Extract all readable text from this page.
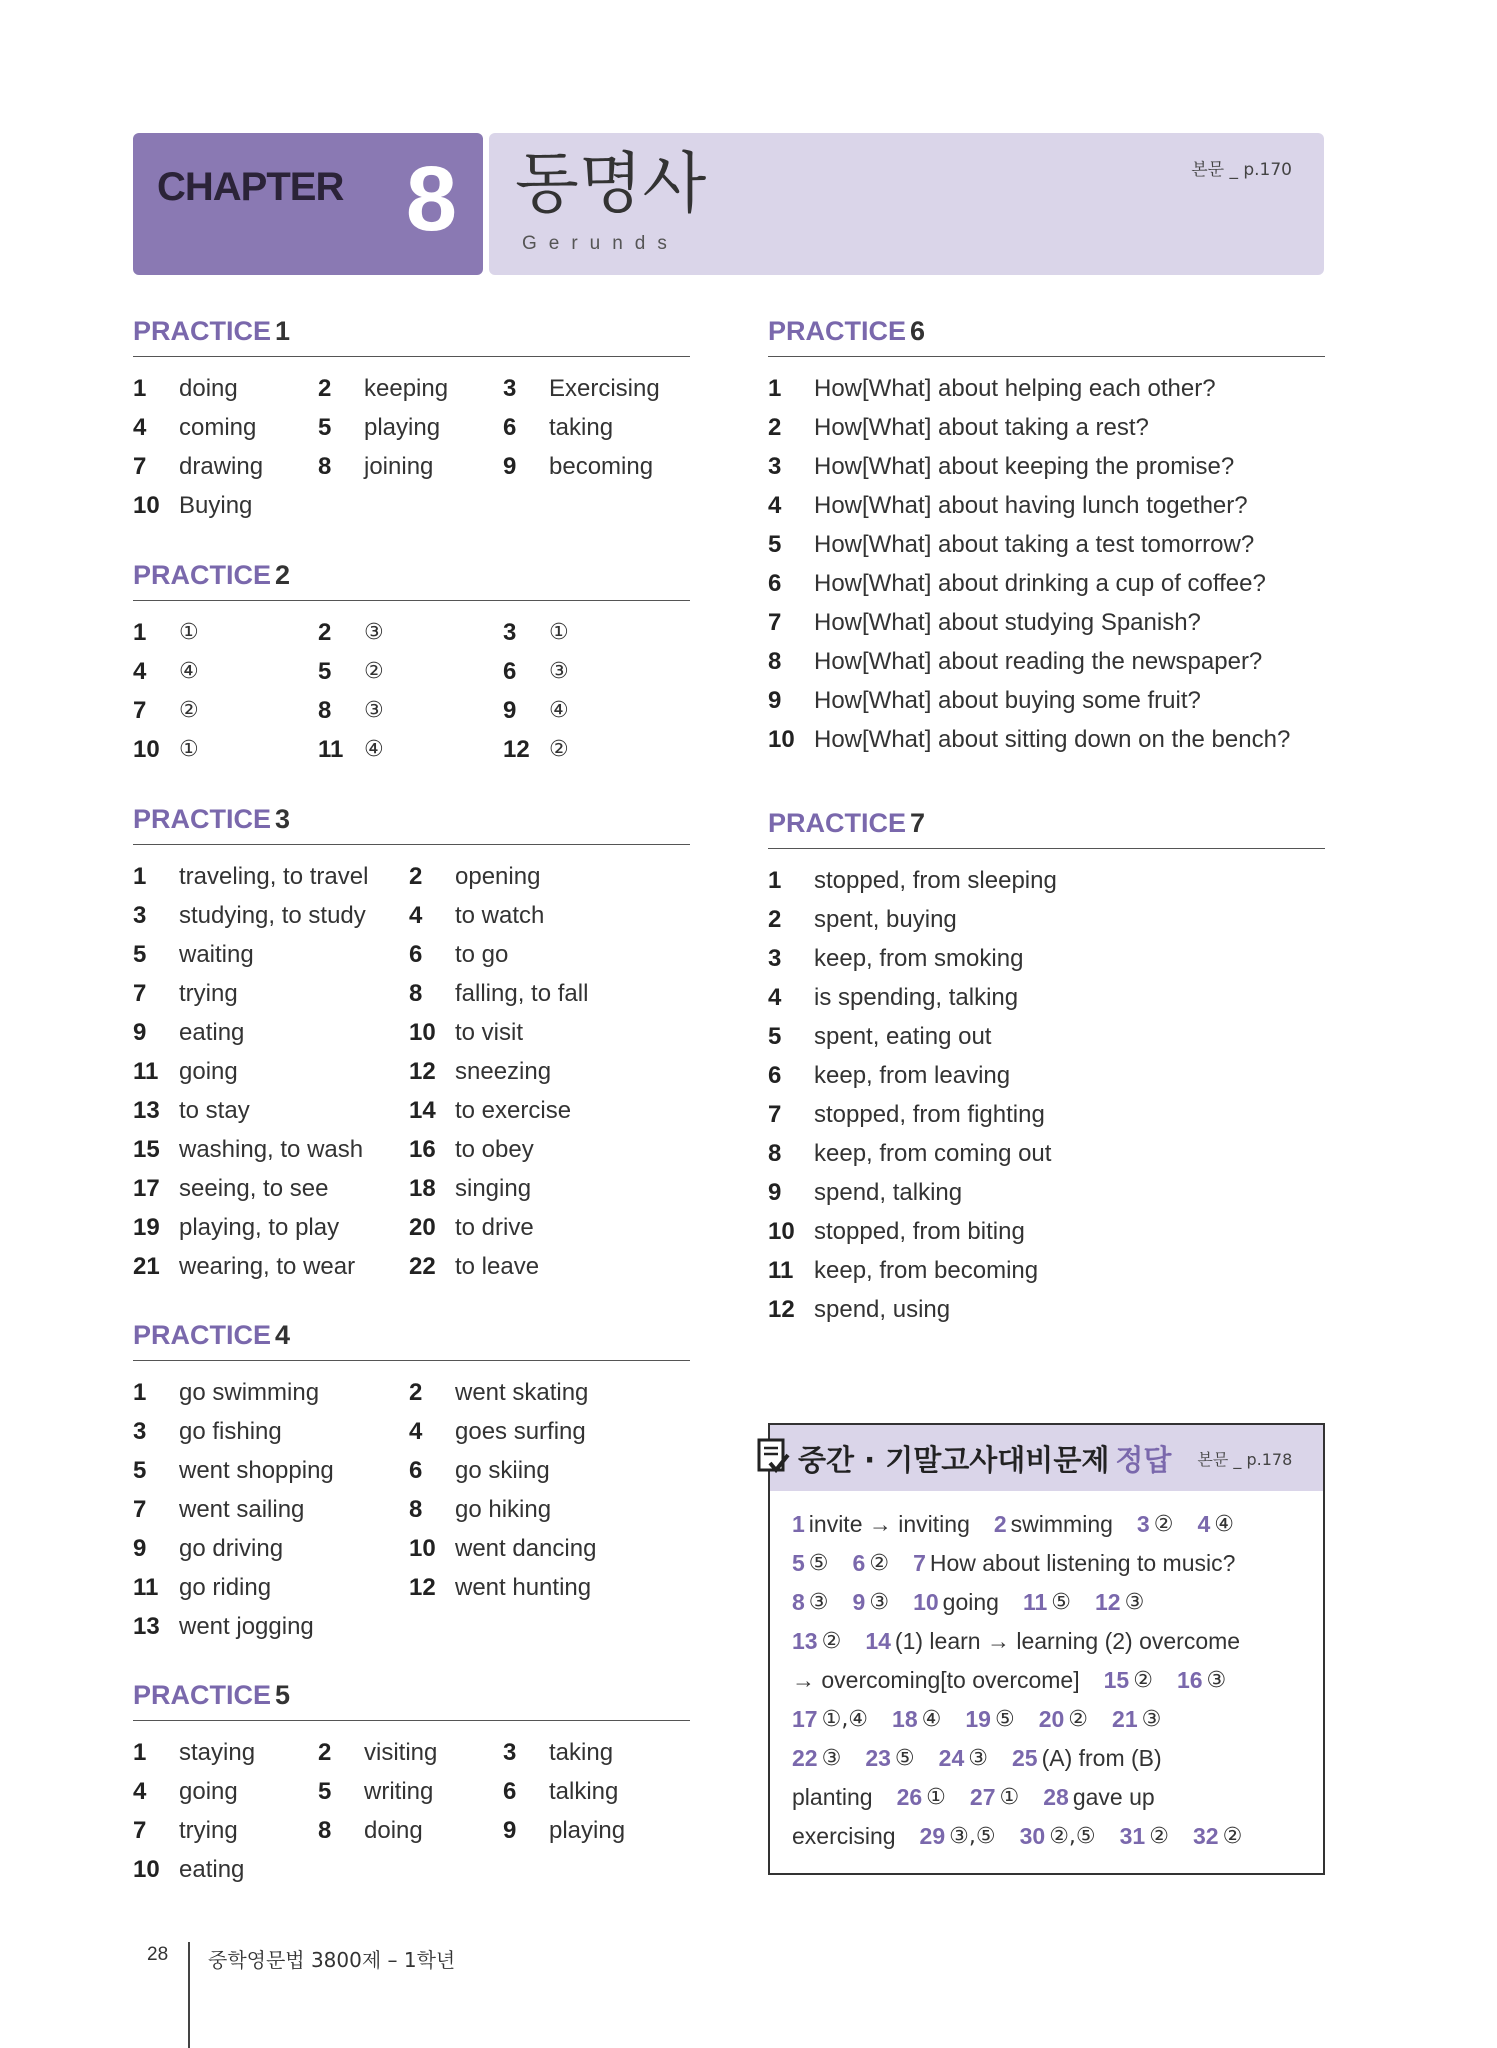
CHAPTER 8 동명사
Gerunds
본문 _ p.170
PRACTICE 1
1	doing	2	keeping 3	Exercising
4	coming	5	playing	6	taking
7	drawing 8	joining	9	becoming
10 Buying
PRACTICE 2
1	①	2	③	3	①
4	④	5	②	6	③
7	②	8	③	9	④
10 ①	11 ④	12 ②
PRACTICE 3
1	traveling, to travel 2	opening
3	studying, to study 4	to watch
5	waiting	6	to go
7	trying	8	falling, to fall
9	eating	10 to visit
11 going	12 sneezing
13 to stay	14 to exercise
15 washing, to wash 16 to obey
17 seeing, to see	18 singing
19 playing, to play	20 to drive
21 wearing, to wear 22 to leave
PRACTICE 4
1	go swimming	2	went skating
3	go fishing	4	goes surfing
5	went shopping	6	go skiing
7	went sailing	8	go hiking
9	go driving	10 went dancing
11 go riding	12 went hunting
13 went jogging
PRACTICE 5
1	staying	2	visiting	3	taking
4	going	5	writing	6	talking
7	trying	8	doing	9	playing
10 eating
PRACTICE 6
1	How[What] about helping each other?
2	How[What] about taking a rest?
3	How[What] about keeping the promise?
4	How[What] about having lunch together?
5	How[What] about taking a test tomorrow?
6	How[What] about drinking a cup of coffee?
7	How[What] about studying Spanish?
8	How[What] about reading the newspaper?
9	How[What] about buying some fruit?
10 How[What] about sitting down on the bench?
PRACTICE 7
1	stopped, from sleeping
2	spent, buying
3	keep, from smoking
4	is spending, talking
5	spent, eating out
6	keep, from leaving
7	stopped, from fighting
8	keep, from coming out
9	spend, talking
10 stopped, from biting
11 keep, from becoming
12 spend, using
중간 · 기말고사대비문제 정답 본문 _ p.178
1 invite → inviting 2 swimming 3 ② 4 ④
5 ⑤ 6 ② 7 How about listening to music?
8 ③ 9 ③ 10 going 11 ⑤ 12 ③
13 ② 14 (1) learn → learning (2) overcome
→ overcoming[to overcome] 15 ② 16 ③
17 ①,④ 18 ④ 19 ⑤ 20 ② 21 ③
22 ③ 23 ⑤ 24 ③ 25 (A) from (B)
planting 26 ① 27 ① 28 gave up
exercising 29 ③,⑤ 30 ②,⑤ 31 ② 32 ②
28 중학영문법 3800제 – 1학년
